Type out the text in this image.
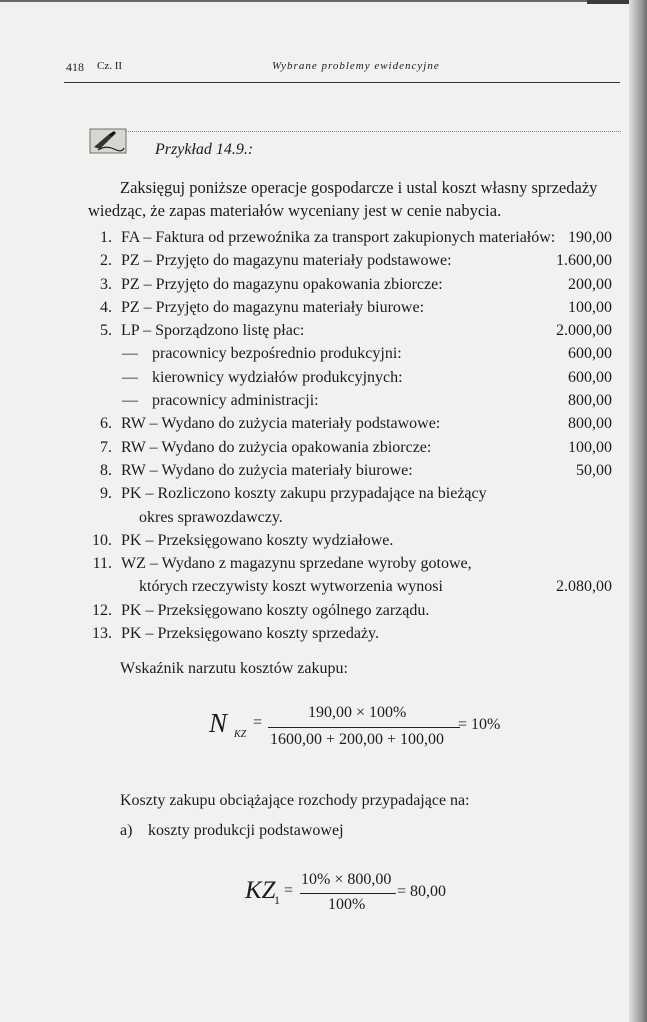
418 Cz. II	Wybrane problemy ewidencyjne
Przykład 14.9.:
Zaksięguj poniższe operacje gospodarcze i ustal koszt własny sprzedaży
wiedząc, że zapas materiałów wyceniany jest w cenie nabycia.
1. FA – Faktura od przewoźnika za transport zakupionych materiałów: 190,00
2. PZ – Przyjęto do magazynu materiały podstawowe:	1.600,00
3. PZ – Przyjęto do magazynu opakowania zbiorcze:	200,00
4. PZ – Przyjęto do magazynu materiały biurowe:	100,00
5. LP – Sporządzono listę płac:	2.000,00
— pracownicy bezpośrednio produkcyjni:	600,00
— kierownicy wydziałów produkcyjnych:	600,00
— pracownicy administracji:	800,00
6. RW – Wydano do zużycia materiały podstawowe:	800,00
7. RW – Wydano do zużycia opakowania zbiorcze:	100,00
8. RW – Wydano do zużycia materiały biurowe:	50,00
9. PK – Rozliczono koszty zakupu przypadające na bieżący
okres sprawozdawczy.
10. PK – Przeksięgowano koszty wydziałowe.
11. WZ – Wydano z magazynu sprzedane wyroby gotowe,
których rzeczywisty koszt wytworzenia wynosi	2.080,00
12. PK – Przeksięgowano koszty ogólnego zarządu.
13. PK – Przeksięgowano koszty sprzedaży.
Wskaźnik narzutu kosztów zakupu:
N KZ
=
190,00 × 100%
1600,00 + 200,00 + 100,00
= 10%
Koszty zakupu obciążające rozchody przypadające na:
a) koszty produkcji podstawowej
KZ
1
=
10% × 800,00
100%
= 80,00
